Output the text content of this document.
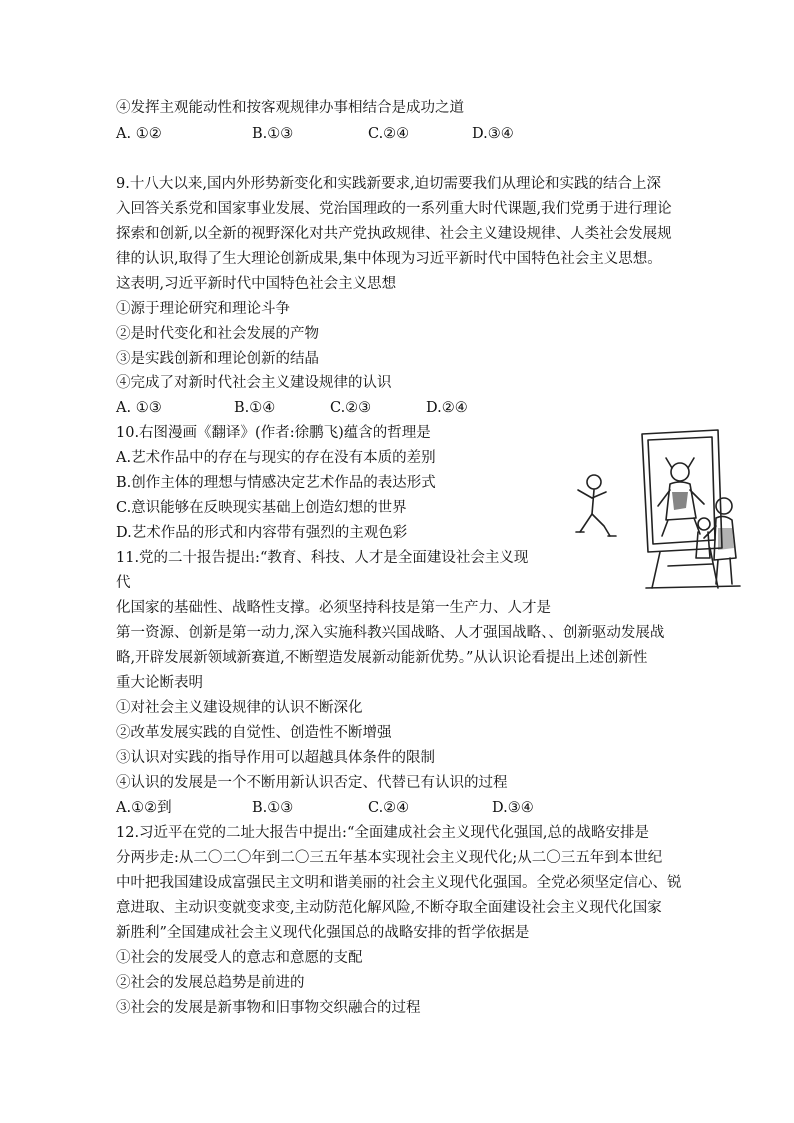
④发挥主观能动性和按客观规律办事相结合是成功之道
A. ①②	B.①③	C.②④	D.③④
9.十八大以来,国内外形势新变化和实践新要求,迫切需要我们从理论和实践的结合上深
入回答关系党和国家事业发展、党治国理政的一系列重大时代课题,我们党勇于进行理论
探索和创新,以全新的视野深化对共产党执政规律、社会主义建设规律、人类社会发展规
律的认识,取得了生大理论创新成果,集中体现为习近平新时代中国特色社会主义思想。
这表明,习近平新时代中国特色社会主义思想
①源于理论研究和理论斗争
②是时代变化和社会发展的产物
③是实践创新和理论创新的结晶
④完成了对新时代社会主义建设规律的认识
A. ①③	B.①④	C.②③	D.②④
10.右图漫画《翻译》(作者:徐鹏飞)蕴含的哲理是
A.艺术作品中的存在与现实的存在没有本质的差别
B.创作主体的理想与情感决定艺术作品的表达形式
C.意识能够在反映现实基础上创造幻想的世界
D.艺术作品的形式和内容带有强烈的主观色彩
11.党的二十报告提出:“教育、科技、人才是全面建设社会主义现
代
化国家的基础性、战略性支撑。必须坚持科技是第一生产力、人才是
第一资源、创新是第一动力,深入实施科教兴国战略、人才强国战略、、创新驱动发展战
略,开辟发展新领域新赛道,不断塑造发展新动能新优势。”从认识论看提出上述创新性
重大论断表明
①对社会主义建设规律的认识不断深化
②改革发展实践的自觉性、创造性不断增强
③认识对实践的指导作用可以超越具体条件的限制
④认识的发展是一个不断用新认识否定、代替已有认识的过程
A.①②到	B.①③	C.②④	D.③④
12.习近平在党的二址大报告中提出:“全面建成社会主义现代化强国,总的战略安排是
分两步走:从二〇二〇年到二〇三五年基本实现社会主义现代化;从二〇三五年到本世纪
中叶把我国建设成富强民主文明和谐美丽的社会主义现代化强国。全党必须坚定信心、锐
意进取、主动识变就变求变,主动防范化解风险,不断夺取全面建设社会主义现代化国家
新胜利”全国建成社会主义现代化强国总的战略安排的哲学依据是
①社会的发展受人的意志和意愿的支配
②社会的发展总趋势是前进的
③社会的发展是新事物和旧事物交织融合的过程
